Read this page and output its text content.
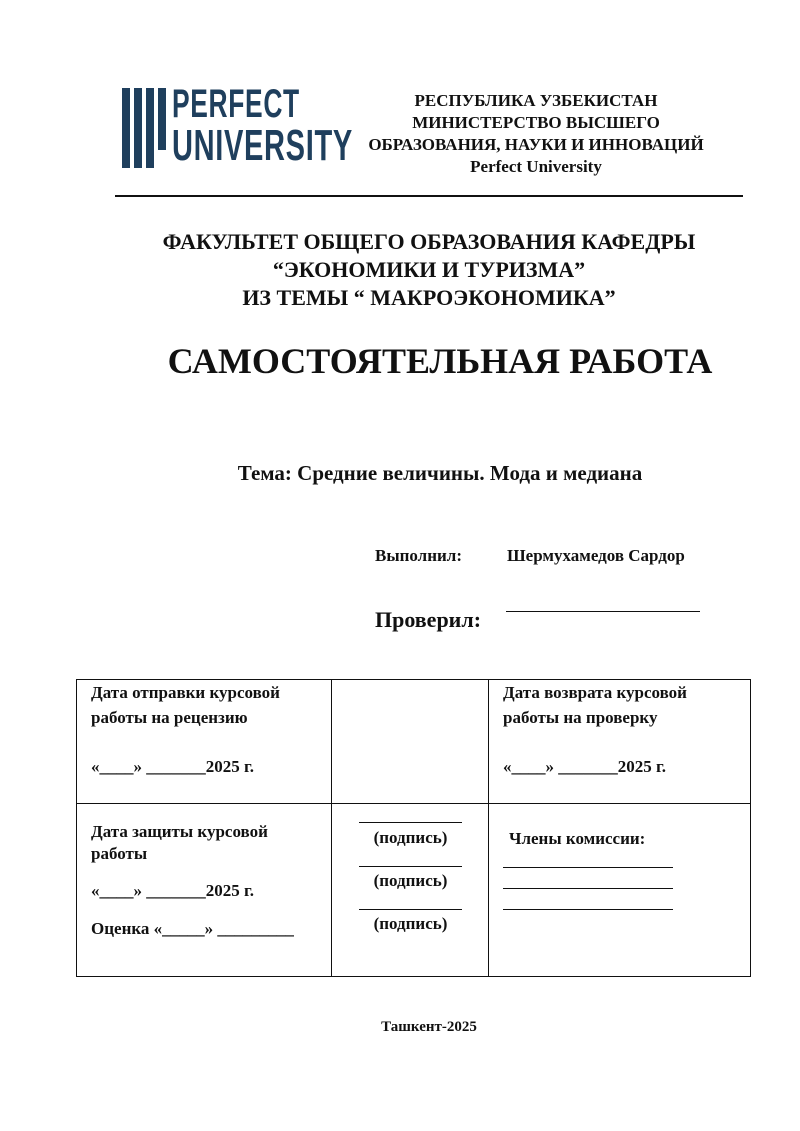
PERFECT
UNIVERSITY
РЕСПУБЛИКА УЗБЕКИСТАН
МИНИСТЕРСТВО ВЫСШЕГО
ОБРАЗОВАНИЯ, НАУКИ И ИННОВАЦИЙ
Perfect University
ФАКУЛЬТЕТ ОБЩЕГО ОБРАЗОВАНИЯ КАФЕДРЫ
“ЭКОНОМИКИ И ТУРИЗМА”
ИЗ ТЕМЫ “ МАКРОЭКОНОМИКА”
САМОСТОЯТЕЛЬНАЯ РАБОТА
Тема: Средние величины. Мода и медиана
Выполнил:	Шермухамедов Сардор
Проверил:
Дата отправки курсовой
работы на рецензию
«____» _______2025 г.
Дата возврата курсовой
работы на проверку
«____» _______2025 г.
Дата защиты курсовой
работы
«____» _______2025 г.
Оценка «_____» _________
(подпись)
(подпись)
(подпись)
Члены комиссии:
Ташкент-2025
